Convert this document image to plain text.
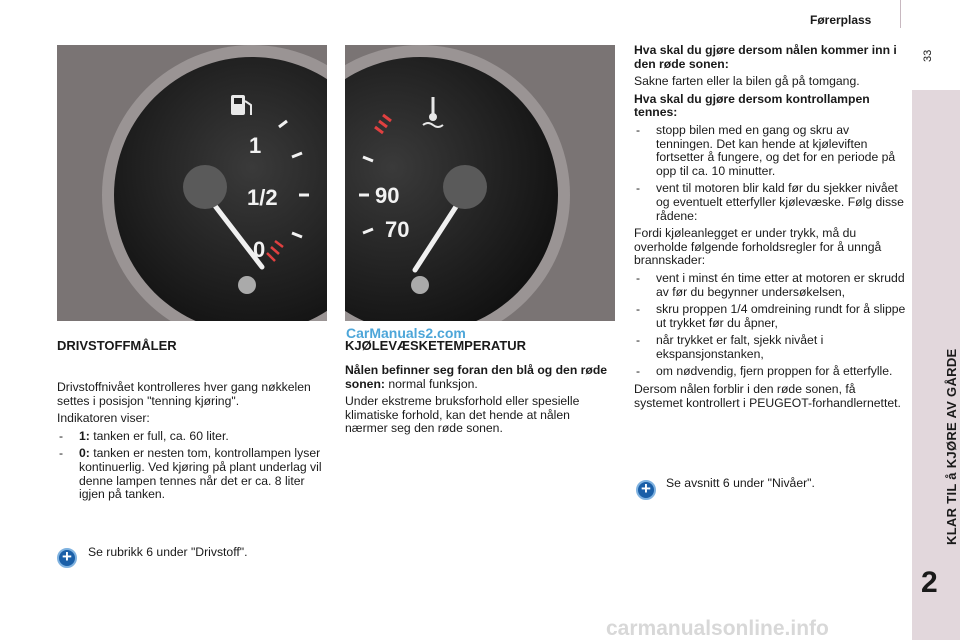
Førerplass
33
KLAR TIL å KJØRE AV GÅRDE
2
1
1/2
0
90
70
CarManuals2.com
carmanualsonline.info
DRIVSTOFFMÅLER

Drivstoffnivået kontrolleres hver gang nøkkelen settes i posisjon "tenning kjøring".

Indikatoren viser:

- 1: tanken er full, ca. 60 liter.
- 0: tanken er nesten tom, kontrollampen lyser kontinuerlig. Ved kjøring på plant underlag vil denne lampen tennes når det er ca. 8 liter igjen på tanken.
+	Se rubrikk 6 under "Drivstoff".
KJØLEVÆSKETEMPERATUR

Nålen befinner seg foran den blå og den røde sonen: normal funksjon.

Under ekstreme bruksforhold eller spesielle klimatiske forhold, kan det hende at nålen nærmer seg den røde sonen.

Hva skal du gjøre dersom nålen kommer inn i den røde sonen:

Sakne farten eller la bilen gå på tomgang.

Hva skal du gjøre dersom kontrollampen tennes:

- stopp bilen med en gang og skru av tenningen. Det kan hende at kjøleviften fortsetter å fungere, og det for en periode på opp til ca. 10 minutter.
- vent til motoren blir kald før du sjekker nivået og eventuelt etterfyller kjølevæske. Følg disse rådene:

Fordi kjøleanlegget er under trykk, må du overholde følgende forholdsregler for å unngå brannskader:

- vent i minst én time etter at motoren er skrudd av før du begynner undersøkelsen,
- skru proppen 1/4 omdreining rundt for å slippe ut trykket før du åpner,
- når trykket er falt, sjekk nivået i ekspansjonstanken,
- om nødvendig, fjern proppen for å etterfylle.

Dersom nålen forblir i den røde sonen, få systemet kontrollert i PEUGEOT-forhandlernettet.

+	Se avsnitt 6 under "Nivåer".
